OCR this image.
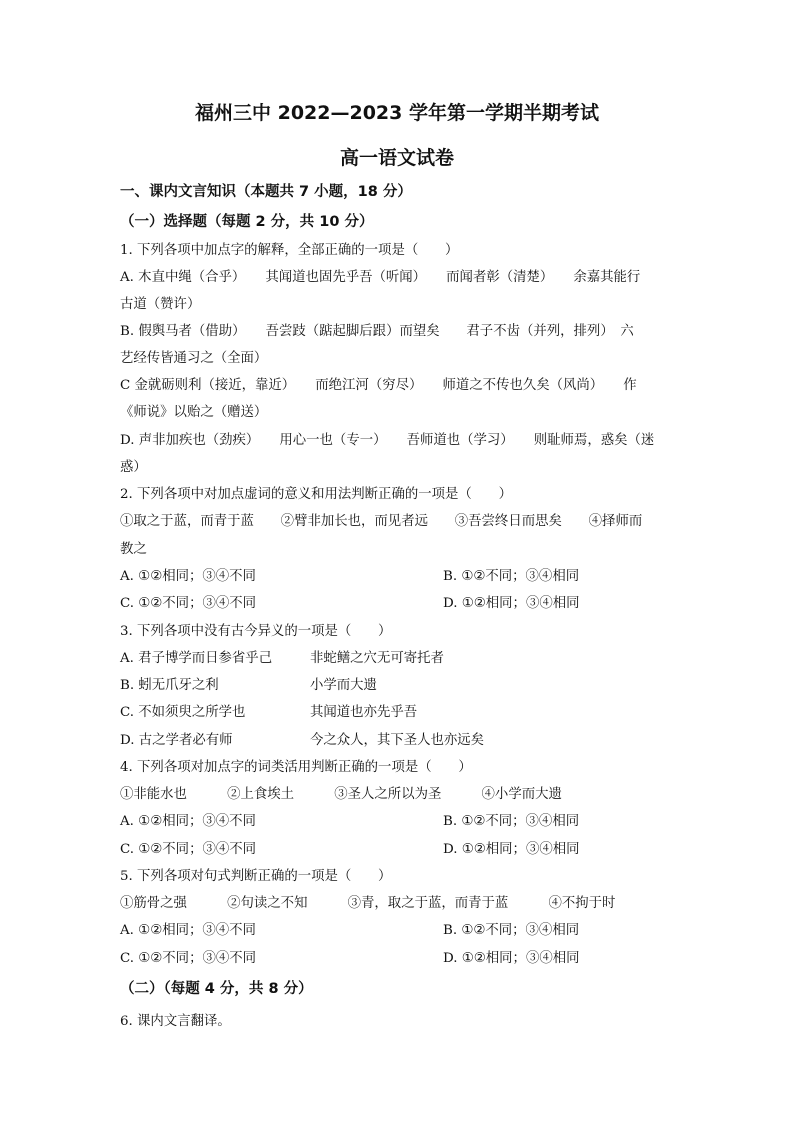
福州三中 2022—2023 学年第一学期半期考试
高一语文试卷
一、课内文言知识（本题共 7 小题，18 分）
（一）选择题（每题 2 分，共 10 分）
1. 下列各项中加点字的解释，全部正确的一项是（　　）
A. 木直中绳（合乎）　　其闻道也固先乎吾（听闻）　　而闻者彰（清楚）　　余嘉其能行
古道（赞许）
B. 假舆马者（借助）　　吾尝跂（踮起脚后跟）而望矣　　君子不齿（并列，排列）　六
艺经传皆通习之（全面）
C 金就砺则利（接近，靠近）　　而绝江河（穷尽）　　师道之不传也久矣（风尚）　　作
《师说》以贻之（赠送）
D. 声非加疾也（劲疾）　　用心一也（专一）　　吾师道也（学习）　　则耻师焉，惑矣（迷
惑）
2. 下列各项中对加点虚词的意义和用法判断正确的一项是（　　）
①取之于蓝，而青于蓝　　②臂非加长也，而见者远　　③吾尝终日而思矣　　④择师而
教之
A. ①②相同；③④不同	B. ①②不同；③④相同
C. ①②不同；③④不同	D. ①②相同；③④相同
3. 下列各项中没有古今异义的一项是（　　）
A. 君子博学而日参省乎己	非蛇鳝之穴无可寄托者
B. 蚓无爪牙之利	小学而大遗
C. 不如须臾之所学也	其闻道也亦先乎吾
D. 古之学者必有师	今之众人，其下圣人也亦远矣
4. 下列各项对加点字的词类活用判断正确的一项是（　　）
①非能水也　　　②上食埃土　　　③圣人之所以为圣　　　④小学而大遗
A. ①②相同；③④不同	B. ①②不同；③④相同
C. ①②不同；③④不同	D. ①②相同；③④相同
5. 下列各项对句式判断正确的一项是（　　）
①筋骨之强　　　②句读之不知　　　③青，取之于蓝，而青于蓝　　　④不拘于时
A. ①②相同；③④不同	B. ①②不同；③④相同
C. ①②不同；③④不同	D. ①②相同；③④相同
（二）（每题 4 分，共 8 分）
6. 课内文言翻译。
